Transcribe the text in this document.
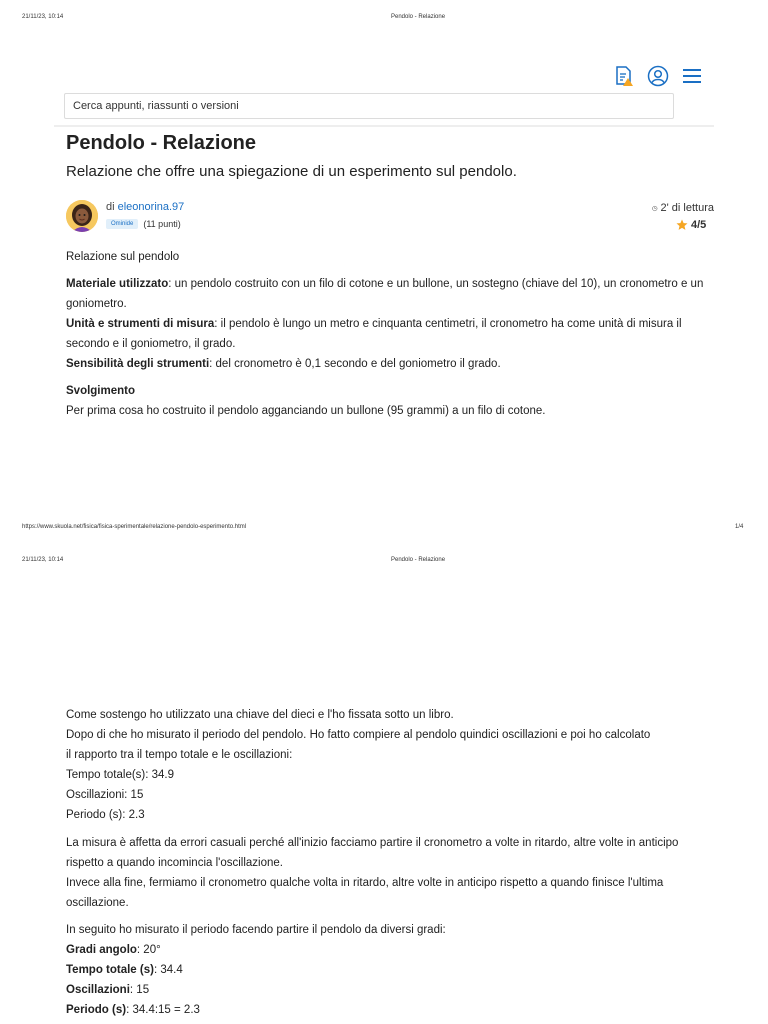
21/11/23, 10:14	Pendolo - Relazione
Cerca appunti, riassunti o versioni
Pendolo - Relazione
Relazione che offre una spiegazione di un esperimento sul pendolo.
di eleonorina.97
Ominide	(11 punti)
2' di lettura
4/5
Relazione sul pendolo
Materiale utilizzato: un pendolo costruito con un filo di cotone e un bullone, un sostegno (chiave del 10), un cronometro e un goniometro.
Unità e strumenti di misura: il pendolo è lungo un metro e cinquanta centimetri, il cronometro ha come unità di misura il secondo e il goniometro, il grado.
Sensibilità degli strumenti: del cronometro è 0,1 secondo e del goniometro il grado.
Svolgimento
Per prima cosa ho costruito il pendolo agganciando un bullone (95 grammi) a un filo di cotone.
https://www.skuola.net/fisica/fisica-sperimentale/relazione-pendolo-esperimento.html	1/4
21/11/23, 10:14	Pendolo - Relazione
Come sostengo ho utilizzato una chiave del dieci e l'ho fissata sotto un libro.
Dopo di che ho misurato il periodo del pendolo. Ho fatto compiere al pendolo quindici oscillazioni e poi ho calcolato
il rapporto tra il tempo totale e le oscillazioni:
Tempo totale(s): 34.9
Oscillazioni: 15
Periodo (s): 2.3
La misura è affetta da errori casuali perché all'inizio facciamo partire il cronometro a volte in ritardo, altre volte in anticipo rispetto a quando incomincia l'oscillazione.
Invece alla fine, fermiamo il cronometro qualche volta in ritardo, altre volte in anticipo rispetto a quando finisce l'ultima oscillazione.
In seguito ho misurato il periodo facendo partire il pendolo da diversi gradi:
Gradi angolo: 20°
Tempo totale (s): 34.4
Oscillazioni: 15
Periodo (s): 34.4:15 = 2.3
